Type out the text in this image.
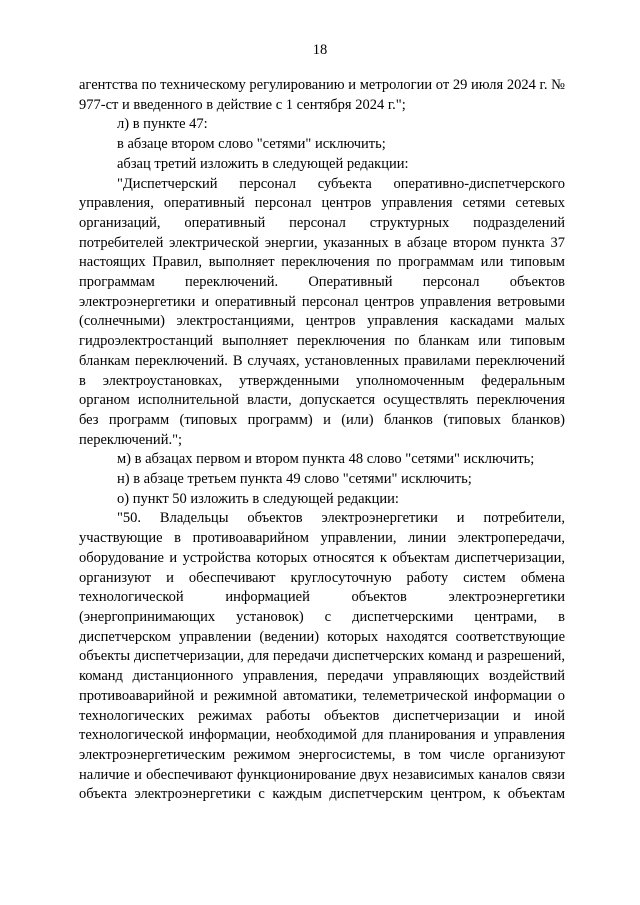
18

агентства по техническому регулированию и метрологии от 29 июля 2024 г. № 977-ст и введенного в действие с 1 сентября 2024 г.";

л) в пункте 47:

в абзаце втором слово "сетями" исключить;

абзац третий изложить в следующей редакции:

"Диспетчерский персонал субъекта оперативно-диспетчерского управления, оперативный персонал центров управления сетями сетевых организаций, оперативный персонал структурных подразделений потребителей электрической энергии, указанных в абзаце втором пункта 37 настоящих Правил, выполняет переключения по программам или типовым программам переключений. Оперативный персонал объектов электроэнергетики и оперативный персонал центров управления ветровыми (солнечными) электростанциями, центров управления каскадами малых гидроэлектростанций выполняет переключения по бланкам или типовым бланкам переключений. В случаях, установленных правилами переключений в электроустановках, утвержденными уполномоченным федеральным органом исполнительной власти, допускается осуществлять переключения без программ (типовых программ) и (или) бланков (типовых бланков) переключений.";

м) в абзацах первом и втором пункта 48 слово "сетями" исключить;

н) в абзаце третьем пункта 49 слово "сетями" исключить;

о) пункт 50 изложить в следующей редакции:

"50. Владельцы объектов электроэнергетики и потребители, участвующие в противоаварийном управлении, линии электропередачи, оборудование и устройства которых относятся к объектам диспетчеризации, организуют и обеспечивают круглосуточную работу систем обмена технологической информацией объектов электроэнергетики (энергопринимающих установок) с диспетчерскими центрами, в диспетчерском управлении (ведении) которых находятся соответствующие объекты диспетчеризации, для передачи диспетчерских команд и разрешений, команд дистанционного управления, передачи управляющих воздействий противоаварийной и режимной автоматики, телеметрической информации о технологических режимах работы объектов диспетчеризации и иной технологической информации, необходимой для планирования и управления электроэнергетическим режимом энергосистемы, в том числе организуют наличие и обеспечивают функционирование двух независимых каналов связи объекта электроэнергетики с каждым диспетчерским центром, к объектам
